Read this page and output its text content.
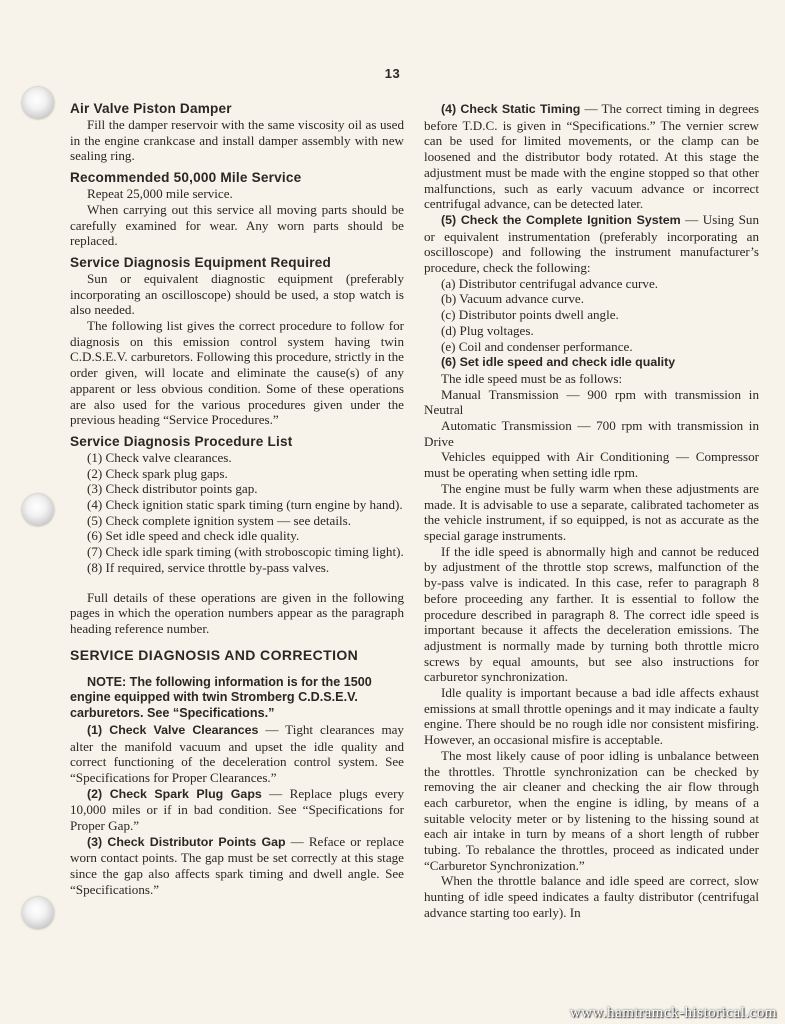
13

Air Valve Piston Damper

Fill the damper reservoir with the same viscosity oil as used in the engine crankcase and install damper assembly with new sealing ring.

Recommended 50,000 Mile Service

Repeat 25,000 mile service.

When carrying out this service all moving parts should be carefully examined for wear. Any worn parts should be replaced.

Service Diagnosis Equipment Required

Sun or equivalent diagnostic equipment (preferably incorporating an oscilloscope) should be used, a stop watch is also needed.

The following list gives the correct procedure to follow for diagnosis on this emission control system having twin C.D.S.E.V. carburetors. Following this procedure, strictly in the order given, will locate and eliminate the cause(s) of any apparent or less obvious condition. Some of these operations are also used for the various procedures given under the previous heading “Service Procedures.”

Service Diagnosis Procedure List

(1) Check valve clearances.

(2) Check spark plug gaps.

(3) Check distributor points gap.

(4) Check ignition static spark timing (turn engine by hand).

(5) Check complete ignition system — see details.

(6) Set idle speed and check idle quality.

(7) Check idle spark timing (with stroboscopic timing light).

(8) If required, service throttle by-pass valves.

Full details of these operations are given in the following pages in which the operation numbers appear as the paragraph heading reference number.

SERVICE DIAGNOSIS AND CORRECTION

NOTE: The following information is for the 1500 engine equipped with twin Stromberg C.D.S.E.V. carburetors. See “Specifications.”

(1) Check Valve Clearances — Tight clearances may alter the manifold vacuum and upset the idle quality and correct functioning of the deceleration control system. See “Specifications for Proper Clearances.”

(2) Check Spark Plug Gaps — Replace plugs every 10,000 miles or if in bad condition. See “Specifications for Proper Gap.”

(3) Check Distributor Points Gap — Reface or replace worn contact points. The gap must be set correctly at this stage since the gap also affects spark timing and dwell angle. See “Specifications.”

(4) Check Static Timing — The correct timing in degrees before T.D.C. is given in “Specifications.” The vernier screw can be used for limited movements, or the clamp can be loosened and the distributor body rotated. At this stage the adjustment must be made with the engine stopped so that other malfunctions, such as early vacuum advance or incorrect centrifugal advance, can be detected later.

(5) Check the Complete Ignition System — Using Sun or equivalent instrumentation (preferably incorporating an oscilloscope) and following the instrument manufacturer’s procedure, check the following:

(a) Distributor centrifugal advance curve.

(b) Vacuum advance curve.

(c) Distributor points dwell angle.

(d) Plug voltages.

(e) Coil and condenser performance.

(6) Set idle speed and check idle quality

The idle speed must be as follows:

Manual Transmission — 900 rpm with transmission in Neutral

Automatic Transmission — 700 rpm with transmission in Drive

Vehicles equipped with Air Conditioning — Compressor must be operating when setting idle rpm.

The engine must be fully warm when these adjustments are made. It is advisable to use a separate, calibrated tachometer as the vehicle instrument, if so equipped, is not as accurate as the special garage instruments.

If the idle speed is abnormally high and cannot be reduced by adjustment of the throttle stop screws, malfunction of the by-pass valve is indicated. In this case, refer to paragraph 8 before proceeding any farther. It is essential to follow the procedure described in paragraph 8. The correct idle speed is important because it affects the deceleration emissions. The adjustment is normally made by turning both throttle micro screws by equal amounts, but see also instructions for carburetor synchronization.

Idle quality is important because a bad idle affects exhaust emissions at small throttle openings and it may indicate a faulty engine. There should be no rough idle nor consistent misfiring. However, an occasional misfire is acceptable.

The most likely cause of poor idling is unbalance between the throttles. Throttle synchronization can be checked by removing the air cleaner and checking the air flow through each carburetor, when the engine is idling, by means of a suitable velocity meter or by listening to the hissing sound at each air intake in turn by means of a short length of rubber tubing. To rebalance the throttles, proceed as indicated under “Carburetor Synchronization.”

When the throttle balance and idle speed are correct, slow hunting of idle speed indicates a faulty distributor (centrifugal advance starting too early). In

www.hamtramck-historical.com
